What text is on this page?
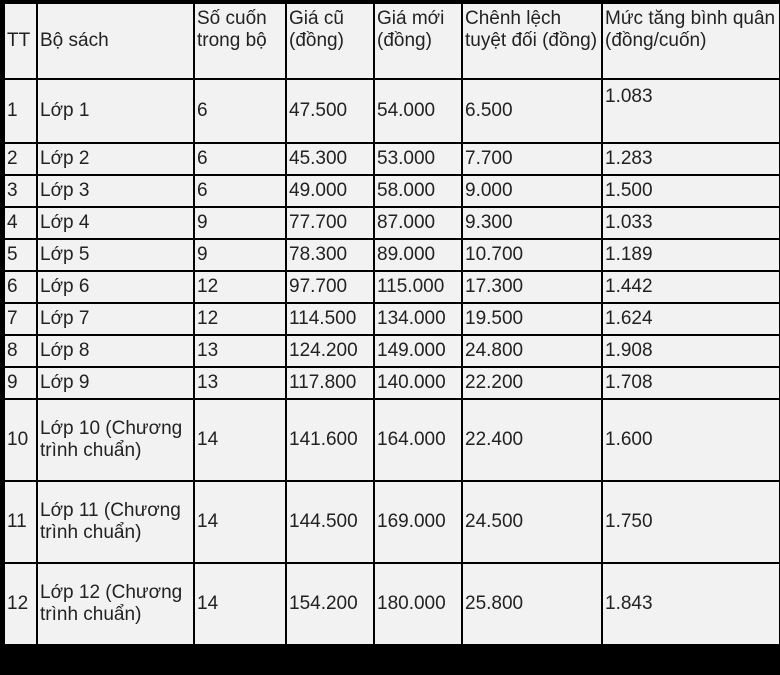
TT	Bộ sách	Số cuốn trong bộ	Giá cũ (đồng)	Giá mới (đồng)	Chênh lệch tuyệt đối (đồng)	Mức tăng bình quân (đồng/cuốn)
1	Lớp 1	6	47.500	54.000	6.500	1.083
2	Lớp 2	6	45.300	53.000	7.700	1.283
3	Lớp 3	6	49.000	58.000	9.000	1.500
4	Lớp 4	9	77.700	87.000	9.300	1.033
5	Lớp 5	9	78.300	89.000	10.700	1.189
6	Lớp 6	12	97.700	115.000	17.300	1.442
7	Lớp 7	12	114.500	134.000	19.500	1.624
8	Lớp 8	13	124.200	149.000	24.800	1.908
9	Lớp 9	13	117.800	140.000	22.200	1.708
10	Lớp 10 (Chương trình chuẩn)	14	141.600	164.000	22.400	1.600
11	Lớp 11 (Chương trình chuẩn)	14	144.500	169.000	24.500	1.750
12	Lớp 12 (Chương trình chuẩn)	14	154.200	180.000	25.800	1.843
